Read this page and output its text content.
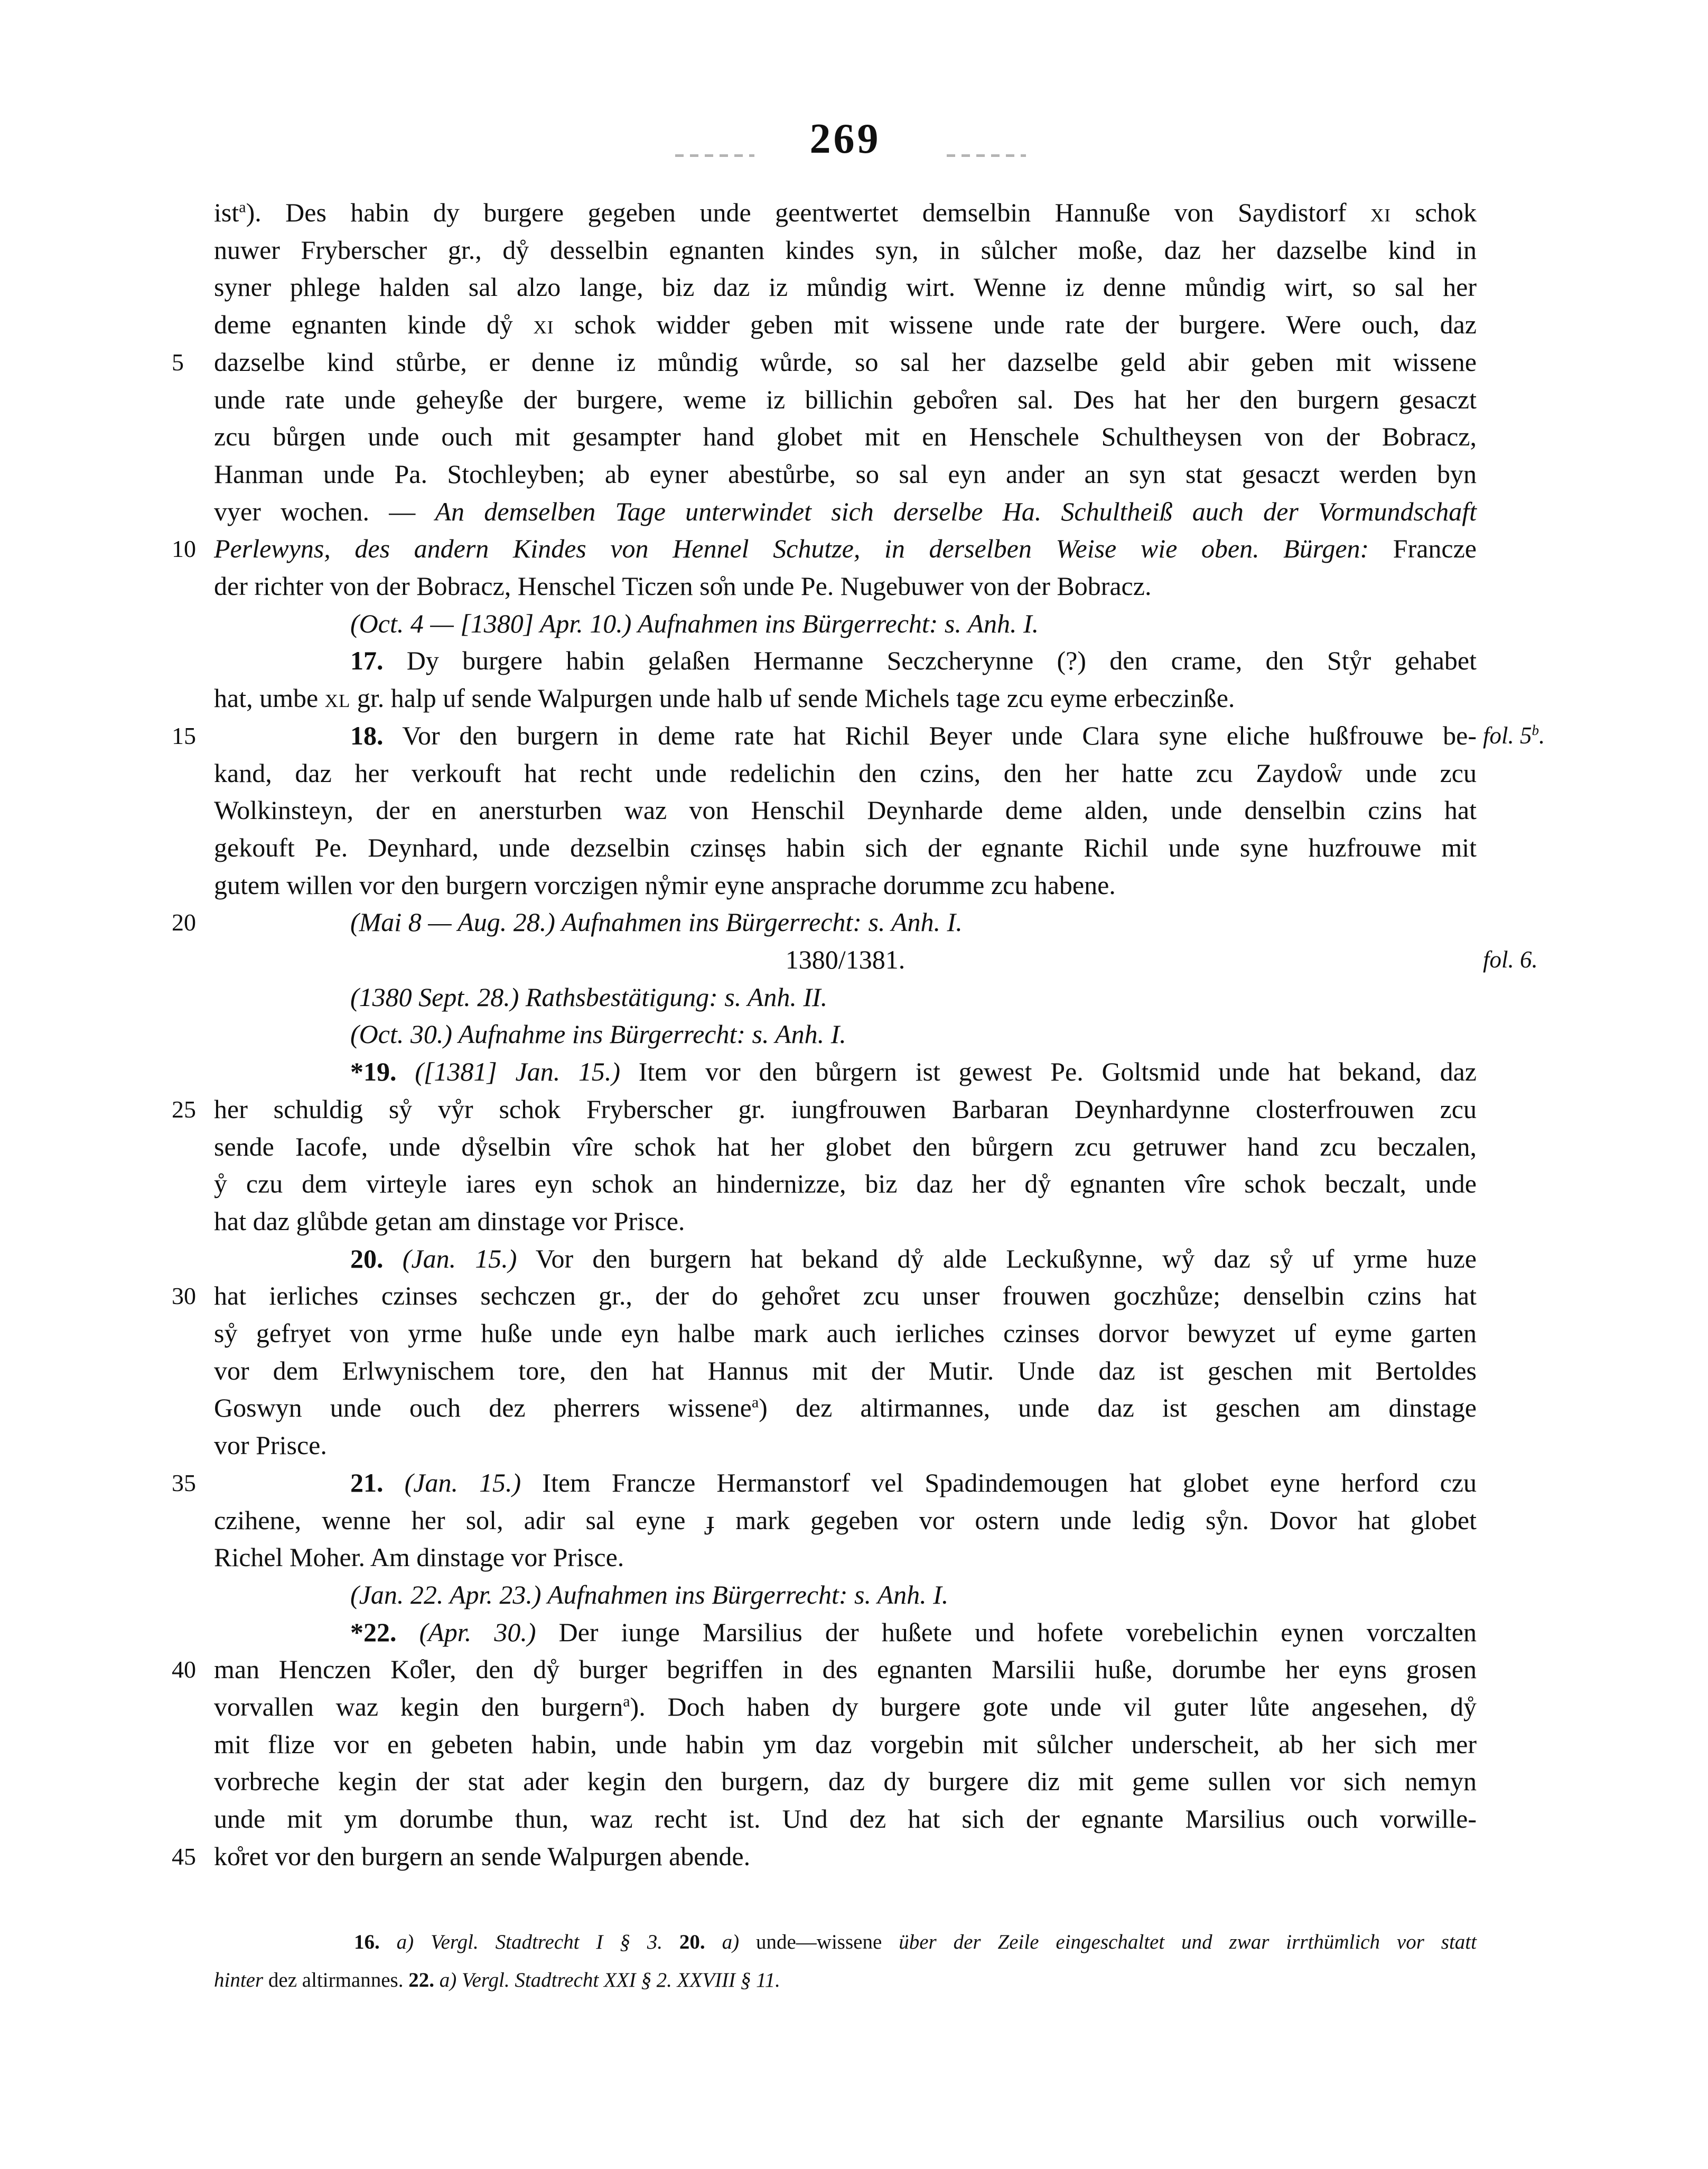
269
ist$^a$). Des habin dy burgere gegeben unde geentwertet demselbin Hannuße von Saydistorf xi schok
nuwer Fryberscher gr., dẙ desselbin egnanten kindes syn, in sůlcher moße, daz her dazselbe kind in
syner phlege halden sal alzo lange, biz daz iz můndig wirt. Wenne iz denne můndig wirt, so sal her
deme egnanten kinde dẙ xi schok widder geben mit wissene unde rate der burgere. Were ouch, daz
5	dazselbe kind stůrbe, er denne iz můndig wůrde, so sal her dazselbe geld abir geben mit wissene
unde rate unde geheyße der burgere, weme iz billichin gebo̊ren sal. Des hat her den burgern gesaczt
zcu bůrgen unde ouch mit gesampter hand globet mit en Henschele Schultheysen von der Bobracz,
Hanman unde Pa. Stochleyben; ab eyner abestůrbe, so sal eyn ander an syn stat gesaczt werden byn
vyer wochen. — An demselben Tage unterwindet sich derselbe Ha. Schultheiß auch der Vormundschaft
10 Perlewyns, des andern Kindes von Hennel Schutze, in derselben Weise wie oben. Bürgen: Francze
der richter von der Bobracz, Henschel Ticzen so̊n unde Pe. Nugebuwer von der Bobracz.
(Oct. 4 — [1380] Apr. 10.) Aufnahmen ins Bürgerrecht: s. Anh. I.
17. Dy burgere habin gelaßen Hermanne Seczcherynne (?) den crame, den Stẙr gehabet
hat, umbe xl gr. halp uf sende Walpurgen unde halb uf sende Michels tage zcu eyme erbeczinße.
15	18. Vor den burgern in deme rate hat Richil Beyer unde Clara syne eliche hußfrouwe be- fol. 5$^b$.
kand, daz her verkouft hat recht unde redelichin den czins, den her hatte zcu Zaydoẘ unde zcu
Wolkinsteyn, der en anersturben waz von Henschil Deynharde deme alden, unde denselbin czins hat
gekouft Pe. Deynhard, unde dezselbin czinsęs habin sich der egnante Richil unde syne huzfrouwe mit
gutem willen vor den burgern vorczigen nẙmir eyne ansprache dorumme zcu habene.
20	(Mai 8 — Aug. 28.) Aufnahmen ins Bürgerrecht: s. Anh. I.
1380/1381.	fol. 6.
(1380 Sept. 28.) Rathsbestätigung: s. Anh. II.
(Oct. 30.) Aufnahme ins Bürgerrecht: s. Anh. I.
*19. ([1381] Jan. 15.) Item vor den bůrgern ist gewest Pe. Goltsmid unde hat bekand, daz
25 her schuldig sẙ vẙr schok Fryberscher gr. iungfrouwen Barbaran Deynhardynne closterfrouwen zcu
sende Iacofe, unde dẙselbin vîre schok hat her globet den bůrgern zcu getruwer hand zcu beczalen,
ẙ czu dem virteyle iares eyn schok an hindernizze, biz daz her dẙ egnanten vîre schok beczalt, unde
hat daz glůbde getan am dinstage vor Prisce.
20. (Jan. 15.) Vor den burgern hat bekand dẙ alde Leckußynne, wẙ daz sẙ uf yrme huze
30 hat ierliches czinses sechczen gr., der do geho̊ret zcu unser frouwen goczhůze; denselbin czins hat
sẙ gefryet von yrme huße unde eyn halbe mark auch ierliches czinses dorvor bewyzet uf eyme garten
vor dem Erlwynischem tore, den hat Hannus mit der Mutir. Unde daz ist geschen mit Bertoldes
Goswyn unde ouch dez pherrers wissene$^a$) dez altirmannes, unde daz ist geschen am dinstage
vor Prisce.
35	21. (Jan. 15.) Item Francze Hermanstorf vel Spadindemougen hat globet eyne herford czu
czihene, wenne her sol, adir sal eyne ɟ mark gegeben vor ostern unde ledig sẙn. Dovor hat globet
Richel Moher. Am dinstage vor Prisce.
(Jan. 22. Apr. 23.) Aufnahmen ins Bürgerrecht: s. Anh. I.
*22. (Apr. 30.) Der iunge Marsilius der hußete und hofete vorebelichin eynen vorczalten
40 man Henczen Ko̊ler, den dẙ burger begriffen in des egnanten Marsilii huße, dorumbe her eyns grosen
vorvallen waz kegin den burgern$^a$). Doch haben dy burgere gote unde vil guter lůte angesehen, dẙ
mit flize vor en gebeten habin, unde habin ym daz vorgebin mit sůlcher underscheit, ab her sich mer
vorbreche kegin der stat ader kegin den burgern, daz dy burgere diz mit geme sullen vor sich nemyn
unde mit ym dorumbe thun, waz recht ist. Und dez hat sich der egnante Marsilius ouch vorwille-
45 ko̊ret vor den burgern an sende Walpurgen abende.
16. a) Vergl. Stadtrecht I § 3. 20. a) unde—wissene über der Zeile eingeschaltet und zwar irrthümlich vor statt
hinter dez altirmannes. 22. a) Vergl. Stadtrecht XXI § 2. XXVIII § 11.
